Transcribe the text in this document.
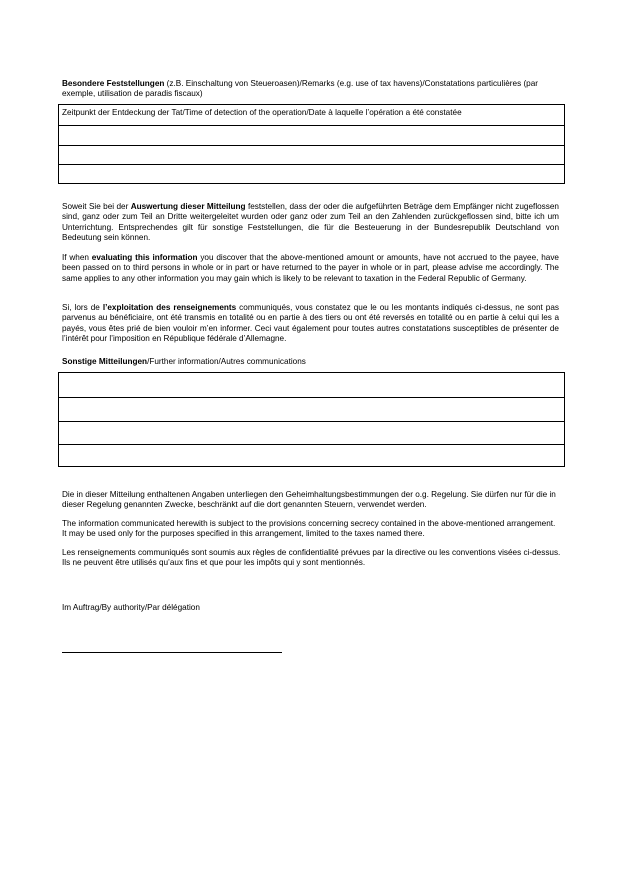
Besondere Feststellungen (z.B. Einschaltung von Steueroasen)/Remarks (e.g. use of tax havens)/Constatations particulières (par exemple, utilisation de paradis fiscaux)
Zeitpunkt der Entdeckung der Tat/Time of detection of the operation/Date à laquelle l’opération a été constatée
Soweit Sie bei der Auswertung dieser Mitteilung feststellen, dass der oder die aufgeführten Beträge dem Empfänger nicht zugeflossen sind, ganz oder zum Teil an Dritte weitergeleitet wurden oder ganz oder zum Teil an den Zahlenden zurückgeflossen sind, bitte ich um Unterrichtung. Entsprechendes gilt für sonstige Feststellungen, die für die Besteuerung in der Bundesrepublik Deutschland von Bedeutung sein können.
If when evaluating this information you discover that the above-mentioned amount or amounts, have not accrued to the payee, have been passed on to third persons in whole or in part or have returned to the payer in whole or in part, please advise me accordingly. The same applies to any other information you may gain which is likely to be relevant to taxation in the Federal Republic of Germany.
Si, lors de l’exploitation des renseignements communiqués, vous constatez que le ou les montants indiqués ci-dessus, ne sont pas parvenus au bénéficiaire, ont été transmis en totalité ou en partie à des tiers ou ont été reversés en totalité ou en partie à celui qui les a payés, vous êtes prié de bien vouloir m’en informer. Ceci vaut également pour toutes autres constatations susceptibles de présenter de l’intérêt pour l’imposition en République fédérale d’Allemagne.
Sonstige Mitteilungen/Further information/Autres communications
Die in dieser Mitteilung enthaltenen Angaben unterliegen den Geheimhaltungsbestimmungen der o.g. Regelung. Sie dürfen nur für die in dieser Regelung genannten Zwecke, beschränkt auf die dort genannten Steuern, verwendet werden.
The information communicated herewith is subject to the provisions concerning secrecy contained in the above-mentioned arrangement. It may be used only for the purposes specified in this arrangement, limited to the taxes named there.
Les renseignements communiqués sont soumis aux règles de confidentialité prévues par la directive ou les conventions visées ci-dessus. Ils ne peuvent être utilisés qu’aux fins et que pour les impôts qui y sont mentionnés.
Im Auftrag/By authority/Par délégation
